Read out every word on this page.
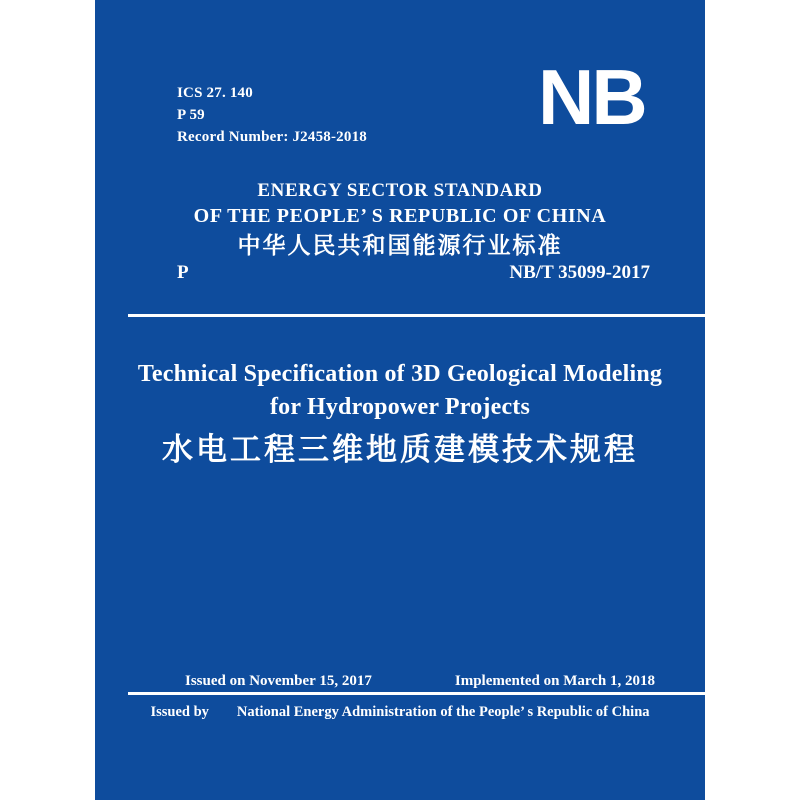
ICS 27. 140
P 59
Record Number: J2458-2018 NB
ENERGY SECTOR STANDARD
OF THE PEOPLE’ S REPUBLIC OF CHINA
中华人民共和国能源行业标准
P	NB/T 35099-2017
Technical Specification of 3D Geological Modeling
for Hydropower Projects
水电工程三维地质建模技术规程
Issued on November 15, 2017	Implemented on March 1, 2018
Issued by National Energy Administration of the People’ s Republic of China
